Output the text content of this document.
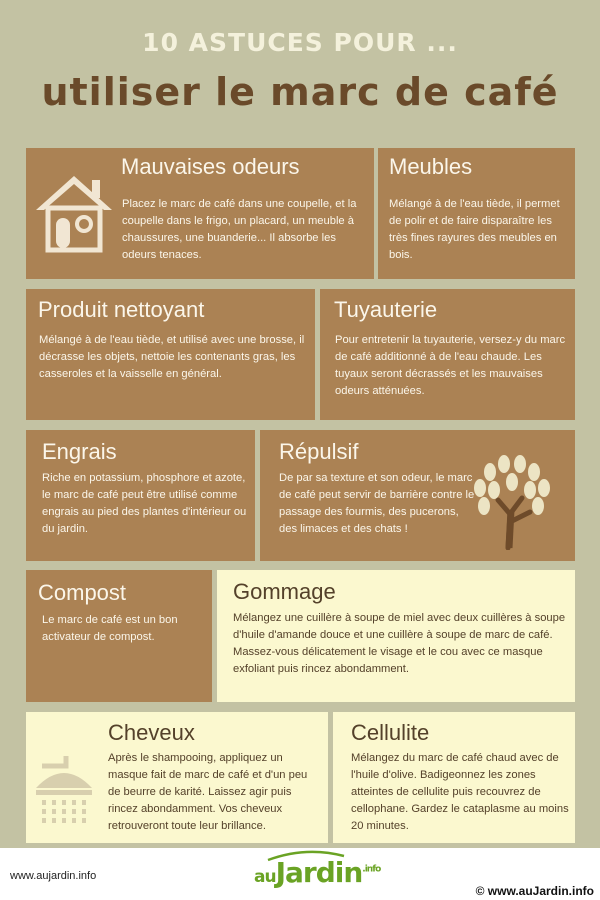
10 ASTUCES POUR ...
utiliser le marc de café
Mauvaises odeurs

Placez le marc de café dans une coupelle, et la coupelle dans le frigo, un placard, un meuble à chaussures, une buanderie... Il absorbe les odeurs tenaces.

Meubles

Mélangé à de l'eau tiède, il permet de polir et de faire disparaître les très fines rayures des meubles en bois.

Produit nettoyant

Mélangé à de l'eau tiède, et utilisé avec une brosse, il décrasse les objets, nettoie les contenants gras, les casseroles et la vaisselle en général.

Tuyauterie

Pour entretenir la tuyauterie, versez-y du marc de café additionné à de l'eau chaude. Les tuyaux seront décrassés et les mauvaises odeurs atténuées.

Engrais

Riche en potassium, phosphore et azote, le marc de café peut être utilisé comme engrais au pied des plantes d'intérieur ou du jardin.

Répulsif

De par sa texture et son odeur, le marc de café peut servir de barrière contre le passage des fourmis, des pucerons, des limaces et des chats !

Compost

Le marc de café est un bon activateur de compost.

Gommage

Mélangez une cuillère à soupe de miel avec deux cuillères à soupe d'huile d'amande douce et une cuillère à soupe de marc de café. Massez-vous délicatement le visage et le cou avec ce masque exfoliant puis rincez abondamment.

Cheveux

Après le shampooing, appliquez un masque fait de marc de café et d'un peu de beurre de karité. Laissez agir puis rincez abondamment. Vos cheveux retrouveront toute leur brillance.

Cellulite

Mélangez du marc de café chaud avec de l'huile d'olive. Badigeonnez les zones atteintes de cellulite puis recouvrez de cellophane. Gardez le cataplasme au moins 20 minutes.

www.aujardin.info	auJardin$^{.info}$
© www.auJardin.info
